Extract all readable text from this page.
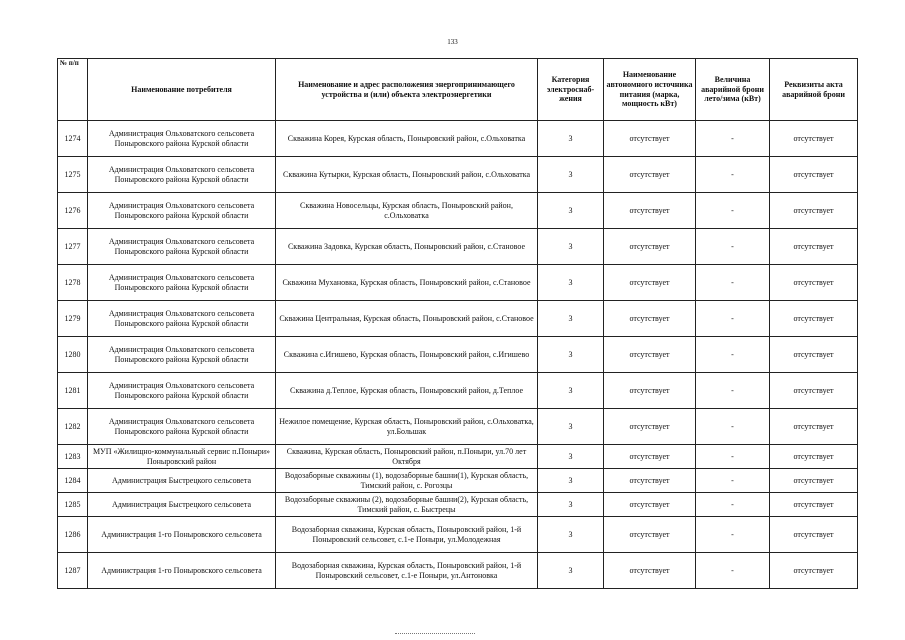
133
№ п/п	Наименование потребителя	Наименование и адрес расположения энергопринимающего устройства и (или) объекта электроэнергетики	Категория электроснаб-жения	Наименование автономного источника питания (марка, мощность кВт)	Величина аварийной брони лето/зима (кВт)	Реквизиты акта аварийной брони
1274	Администрация Ольховатского сельсовета Поныровского района Курской области	Скважина Корея, Курская область, Поныровский район, с.Ольховатка	3	отсутствует	-	отсутствует
1275	Администрация Ольховатского сельсовета Поныровского района Курской области	Скважина Кутырки, Курская область, Поныровский район, с.Ольховатка	3	отсутствует	-	отсутствует
1276	Администрация Ольховатского сельсовета Поныровского района Курской области	Скважина Новосельцы, Курская область, Поныровский район, с.Ольховатка	3	отсутствует	-	отсутствует
1277	Администрация Ольховатского сельсовета Поныровского района Курской области	Скважина Задовка, Курская область, Поныровский район, с.Становое	3	отсутствует	-	отсутствует
1278	Администрация Ольховатского сельсовета Поныровского района Курской области	Скважина Мухановка, Курская область, Поныровский район, с.Становое	3	отсутствует	-	отсутствует
1279	Администрация Ольховатского сельсовета Поныровского района Курской области	Скважина Центральная, Курская область, Поныровский район, с.Становое	3	отсутствует	-	отсутствует
1280	Администрация Ольховатского сельсовета Поныровского района Курской области	Скважина с.Игишево, Курская область, Поныровский район, с.Игишево	3	отсутствует	-	отсутствует
1281	Администрация Ольховатского сельсовета Поныровского района Курской области	Скважина д.Теплое, Курская область, Поныровский район, д.Теплое	3	отсутствует	-	отсутствует
1282	Администрация Ольховатского сельсовета Поныровского района Курской области	Нежилое помещение, Курская область, Поныровский район, с.Ольховатка, ул.Большак	3	отсутствует	-	отсутствует
1283	МУП «Жилищно-коммунальный сервис п.Поныри» Поныровский район	Скважина, Курская область, Поныровский район, п.Поныри, ул.70 лет Октября	3	отсутствует	-	отсутствует
1284	Администрация Быстрецкого сельсовета	Водозаборные скважины (1), водозаборные башни(1), Курская область, Тимский район, с. Рогозцы	3	отсутствует	-	отсутствует
1285	Администрация Быстрецкого сельсовета	Водозаборные скважины (2), водозаборные башни(2), Курская область, Тимский район, с. Быстрецы	3	отсутствует	-	отсутствует
1286	Администрация 1-го Поныровского сельсовета	Водозаборная скважина, Курская область, Поныровский район, 1-й Поныровский сельсовет, с.1-е Поныри, ул.Молодежная	3	отсутствует	-	отсутствует
1287	Администрация 1-го Поныровского сельсовета	Водозаборная скважина, Курская область, Поныровский район, 1-й Поныровский сельсовет, с.1-е Поныри, ул.Антоновка	3	отсутствует	-	отсутствует
